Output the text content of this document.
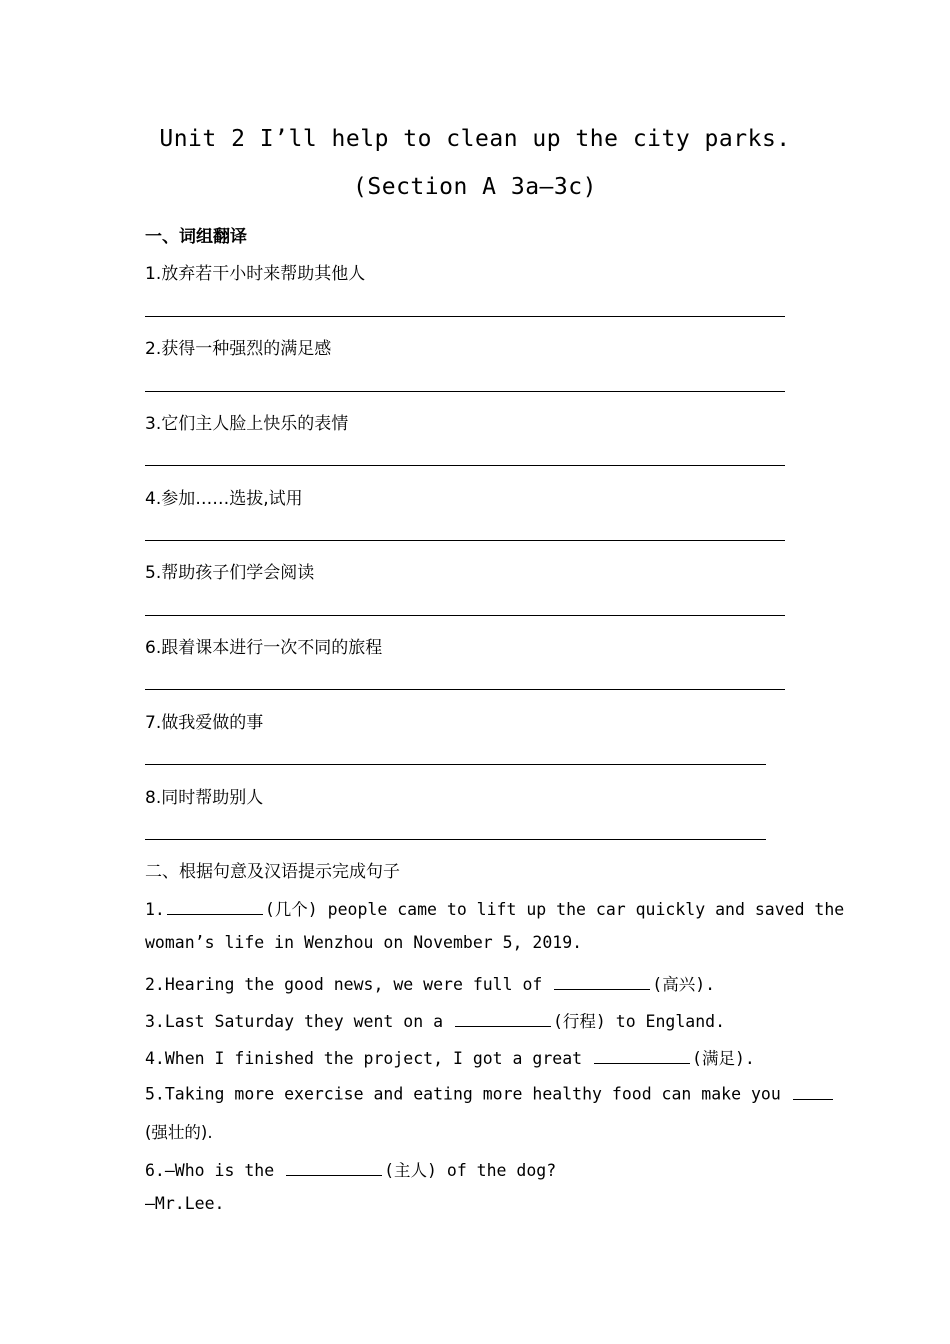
Unit 2 I’ll help to clean up the city parks.
(Section A 3a—3c)
一、词组翻译
1.放弃若干小时来帮助其他人
2.获得一种强烈的满足感
3.它们主人脸上快乐的表情
4.参加……选拔,试用
5.帮助孩子们学会阅读
6.跟着课本进行一次不同的旅程
7.做我爱做的事
8.同时帮助别人
二、根据句意及汉语提示完成句子
1.	(几个) people came to lift up the car quickly and saved the
woman’s life in Wenzhou on November 5, 2019.
2.Hearing the good news, we were full of	(高兴).
3.Last Saturday they went on a	(行程) to England.
4.When I finished the project, I got a great	(满足).
5.Taking more exercise and eating more healthy food can make you
(强壮的).
6.—Who is the	(主人) of the dog?
—Mr.Lee.
